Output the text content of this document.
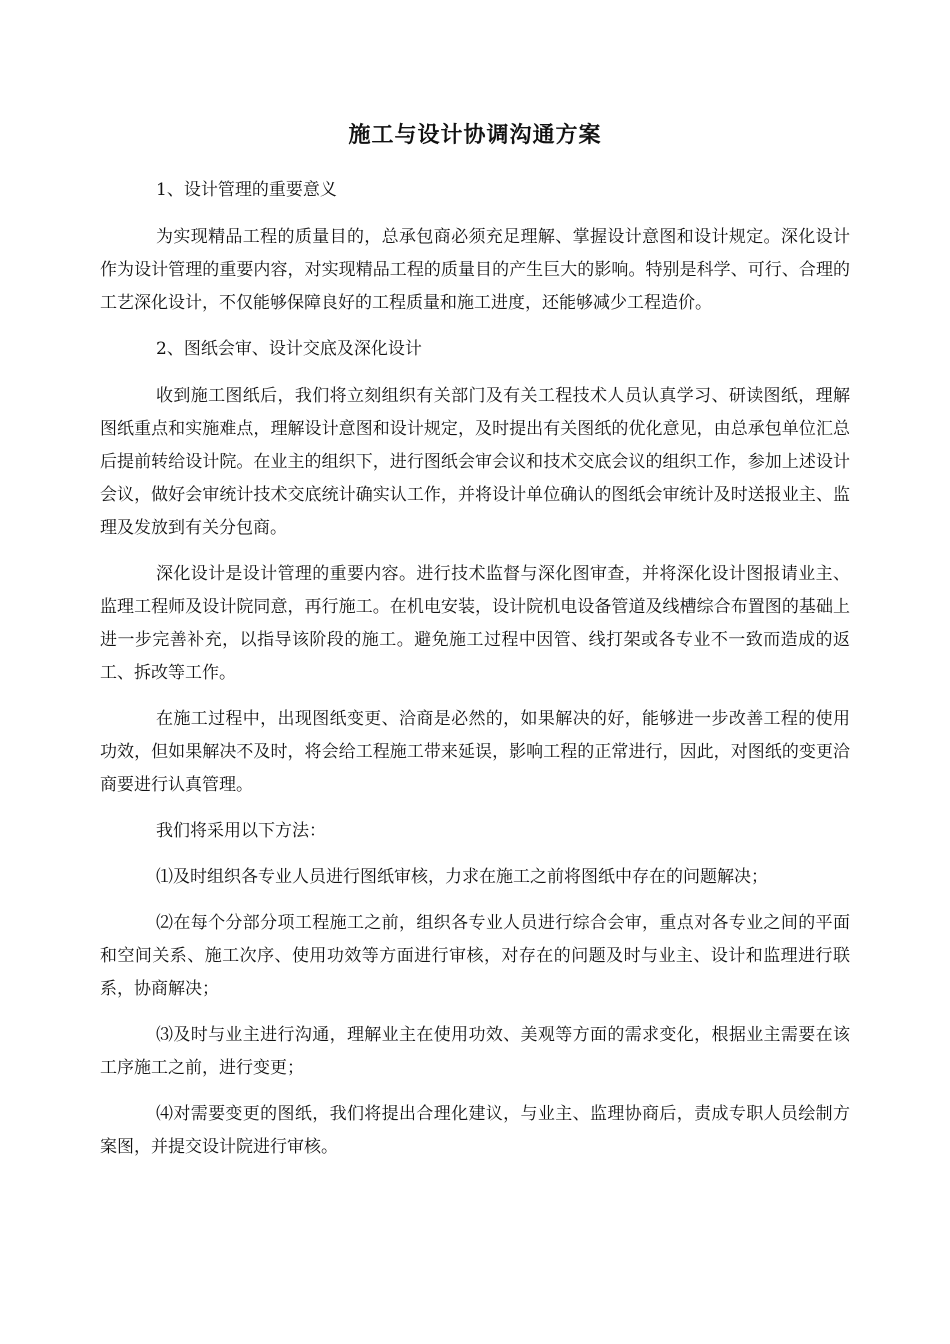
施工与设计协调沟通方案

1、设计管理的重要意义

为实现精品工程的质量目的，总承包商必须充足理解、掌握设计意图和设计规定。深化设计作为设计管理的重要内容，对实现精品工程的质量目的产生巨大的影响。特别是科学、可行、合理的工艺深化设计，不仅能够保障良好的工程质量和施工进度，还能够减少工程造价。

2、图纸会审、设计交底及深化设计

收到施工图纸后，我们将立刻组织有关部门及有关工程技术人员认真学习、研读图纸，理解图纸重点和实施难点，理解设计意图和设计规定，及时提出有关图纸的优化意见，由总承包单位汇总后提前转给设计院。在业主的组织下，进行图纸会审会议和技术交底会议的组织工作，参加上述设计会议，做好会审统计技术交底统计确实认工作，并将设计单位确认的图纸会审统计及时送报业主、监理及发放到有关分包商。

深化设计是设计管理的重要内容。进行技术监督与深化图审查，并将深化设计图报请业主、监理工程师及设计院同意，再行施工。在机电安装，设计院机电设备管道及线槽综合布置图的基础上进一步完善补充，以指导该阶段的施工。避免施工过程中因管、线打架或各专业不一致而造成的返工、拆改等工作。

在施工过程中，出现图纸变更、洽商是必然的，如果解决的好，能够进一步改善工程的使用功效，但如果解决不及时，将会给工程施工带来延误，影响工程的正常进行，因此，对图纸的变更洽商要进行认真管理。

我们将采用以下方法：

⑴及时组织各专业人员进行图纸审核，力求在施工之前将图纸中存在的问题解决；

⑵在每个分部分项工程施工之前，组织各专业人员进行综合会审，重点对各专业之间的平面和空间关系、施工次序、使用功效等方面进行审核，对存在的问题及时与业主、设计和监理进行联系，协商解决；

⑶及时与业主进行沟通，理解业主在使用功效、美观等方面的需求变化，根据业主需要在该工序施工之前，进行变更；

⑷对需要变更的图纸，我们将提出合理化建议，与业主、监理协商后，责成专职人员绘制方案图，并提交设计院进行审核。
